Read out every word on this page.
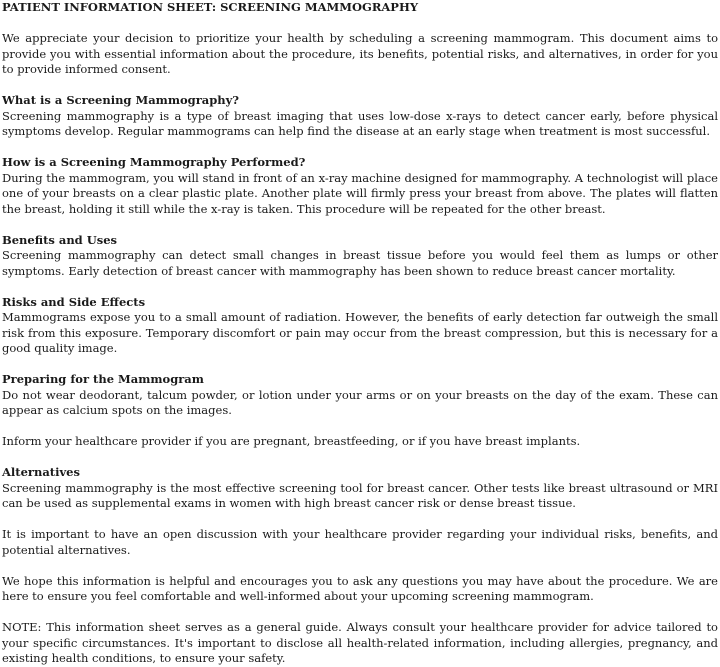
PATIENT INFORMATION SHEET: SCREENING MAMMOGRAPHY
We appreciate your decision to prioritize your health by scheduling a screening mammogram. This document aims to provide you with essential information about the procedure, its benefits, potential risks, and alternatives, in order for you to provide informed consent.
What is a Screening Mammography?
Screening mammography is a type of breast imaging that uses low-dose x-rays to detect cancer early, before physical symptoms develop. Regular mammograms can help find the disease at an early stage when treatment is most successful.
How is a Screening Mammography Performed?
During the mammogram, you will stand in front of an x-ray machine designed for mammography. A technologist will place one of your breasts on a clear plastic plate. Another plate will firmly press your breast from above. The plates will flatten the breast, holding it still while the x-ray is taken. This procedure will be repeated for the other breast.
Benefits and Uses
Screening mammography can detect small changes in breast tissue before you would feel them as lumps or other symptoms. Early detection of breast cancer with mammography has been shown to reduce breast cancer mortality.
Risks and Side Effects
Mammograms expose you to a small amount of radiation. However, the benefits of early detection far outweigh the small risk from this exposure. Temporary discomfort or pain may occur from the breast compression, but this is necessary for a good quality image.
Preparing for the Mammogram
Do not wear deodorant, talcum powder, or lotion under your arms or on your breasts on the day of the exam. These can appear as calcium spots on the images.
Inform your healthcare provider if you are pregnant, breastfeeding, or if you have breast implants.
Alternatives
Screening mammography is the most effective screening tool for breast cancer. Other tests like breast ultrasound or MRI can be used as supplemental exams in women with high breast cancer risk or dense breast tissue.
It is important to have an open discussion with your healthcare provider regarding your individual risks, benefits, and potential alternatives.
We hope this information is helpful and encourages you to ask any questions you may have about the procedure. We are here to ensure you feel comfortable and well-informed about your upcoming screening mammogram.
NOTE: This information sheet serves as a general guide. Always consult your healthcare provider for advice tailored to your specific circumstances. It's important to disclose all health-related information, including allergies, pregnancy, and existing health conditions, to ensure your safety.
